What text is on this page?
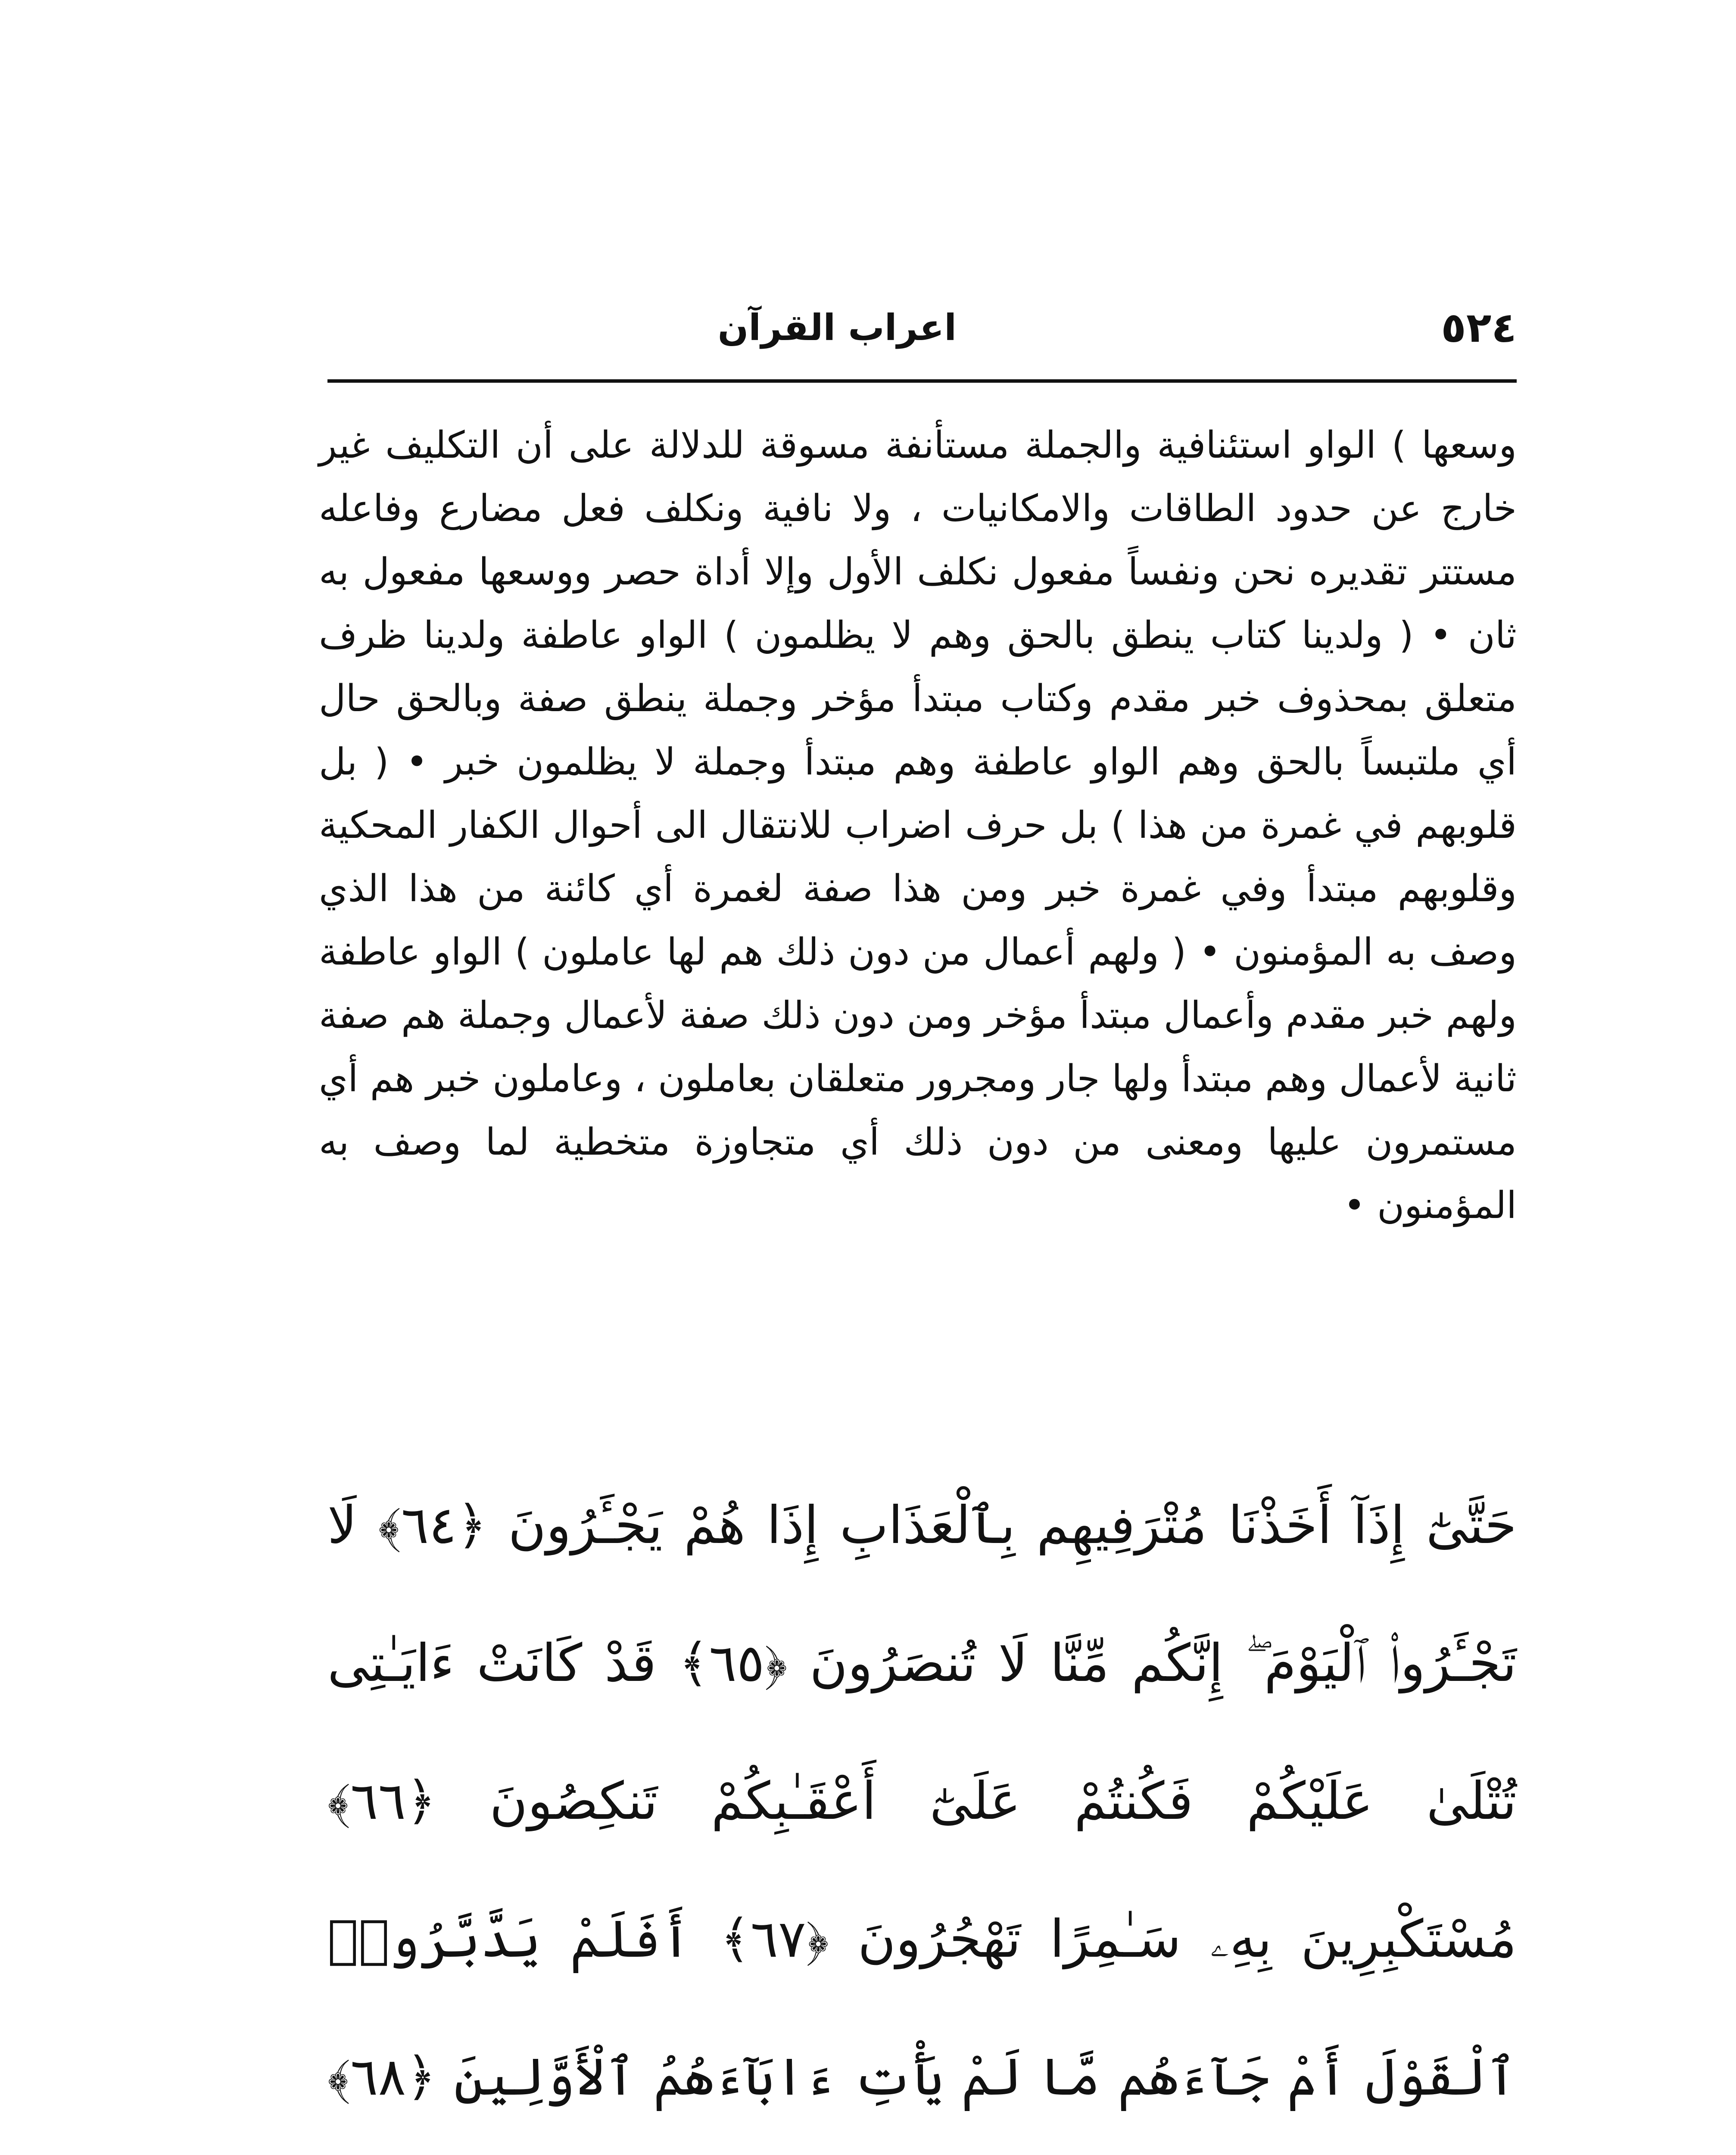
٥٢٤
اعراب القرآن

وسعها ) الواو استئنافية والجملة مستأنفة مسوقة للدلالة على أن التكليف غير خارج عن حدود الطاقات والامكانيات ، ولا نافية ونكلف فعل مضارع وفاعله مستتر تقديره نحن ونفساً مفعول نكلف الأول وإلا أداة حصر ووسعها مفعول به ثان • ( ولدينا كتاب ينطق بالحق وهم لا يظلمون ) الواو عاطفة ولدينا ظرف متعلق بمحذوف خبر مقدم وكتاب مبتدأ مؤخر وجملة ينطق صفة وبالحق حال أي ملتبساً بالحق وهم الواو عاطفة وهم مبتدأ وجملة لا يظلمون خبر • ( بل قلوبهم في غمرة من هذا ) بل حرف اضراب للانتقال الى أحوال الكفار المحكية وقلوبهم مبتدأ وفي غمرة خبر ومن هذا صفة لغمرة أي كائنة من هذا الذي وصف به المؤمنون • ( ولهم أعمال من دون ذلك هم لها عاملون ) الواو عاطفة ولهم خبر مقدم وأعمال مبتدأ مؤخر ومن دون ذلك صفة لأعمال وجملة هم صفة ثانية لأعمال وهم مبتدأ ولها جار ومجرور متعلقان بعاملون ، وعاملون خبر هم أي مستمرون عليها ومعنى من دون ذلك أي متجاوزة متخطية لما وصف به المؤمنون •

حَتَّىٰٓ إِذَآ أَخَذْنَا مُتْرَفِيهِم بِٱلْعَذَابِ إِذَا هُمْ يَجْـَٔرُونَ ﴿٦٤﴾ لَا تَجْـَٔرُوا۟ ٱلْيَوْمَ ۖ إِنَّكُم مِّنَّا لَا تُنصَرُونَ ﴿٦٥﴾ قَدْ كَانَتْ ءَايَـٰتِى تُتْلَىٰ عَلَيْكُمْ فَكُنتُمْ عَلَىٰٓ أَعْقَـٰبِكُمْ تَنكِصُونَ ﴿٦٦﴾ مُسْتَكْبِرِينَ بِهِۦ سَـٰمِرًا تَهْجُرُونَ ﴿٦٧﴾ أَفَلَمْ يَدَّبَّرُوا۟ ٱلْقَوْلَ أَمْ جَآءَهُم مَّا لَمْ يَأْتِ ءَابَآءَهُمُ ٱلْأَوَّلِينَ ﴿٦٨﴾
